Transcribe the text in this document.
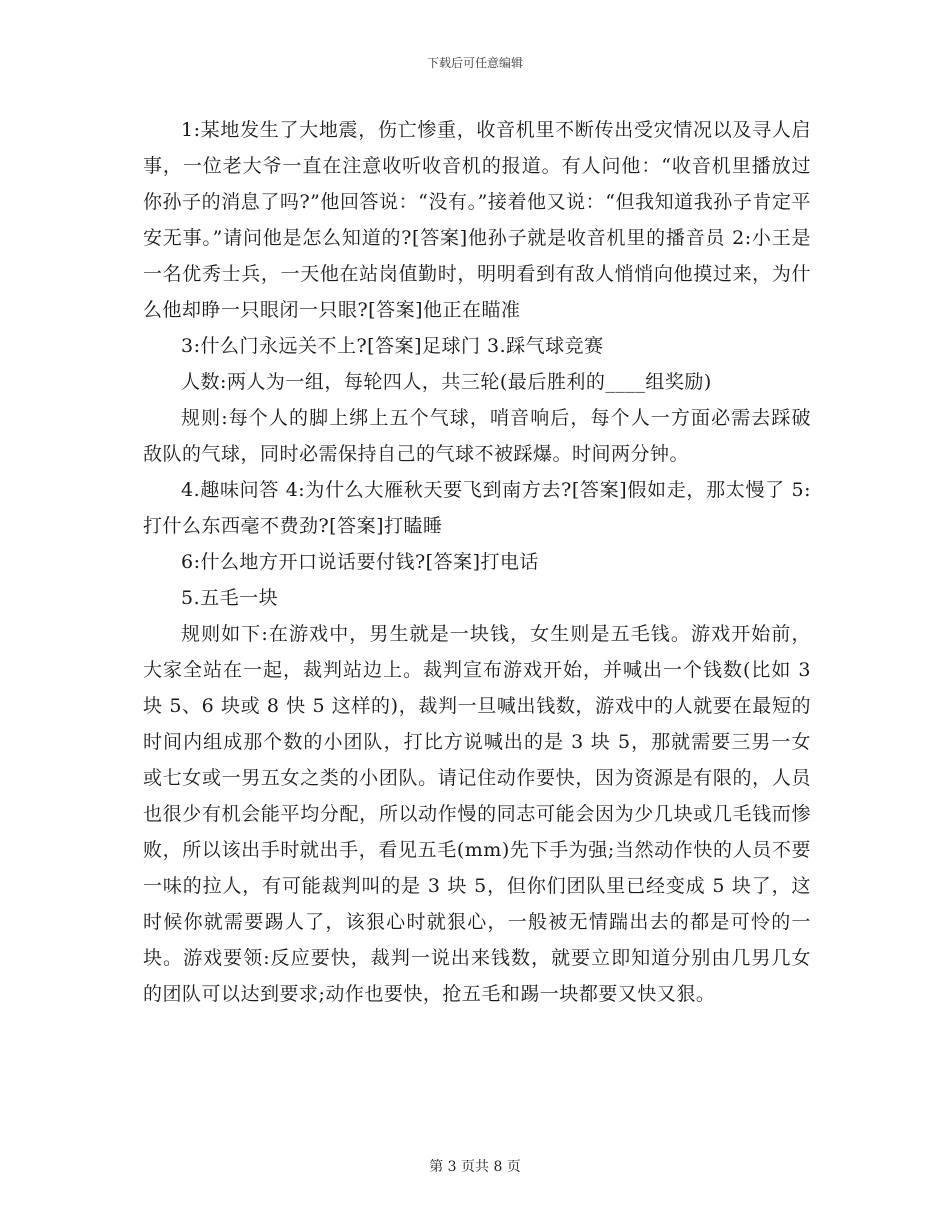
下载后可任意编辑

1:某地发生了大地震，伤亡惨重，收音机里不断传出受灾情况以及寻人启事，一位老大爷一直在注意收听收音机的报道。有人问他：“收音机里播放过你孙子的消息了吗?”他回答说：“没有。”接着他又说：“但我知道我孙子肯定平安无事。”请问他是怎么知道的?[答案]他孙子就是收音机里的播音员 2:小王是一名优秀士兵，一天他在站岗值勤时，明明看到有敌人悄悄向他摸过来，为什么他却睁一只眼闭一只眼?[答案]他正在瞄准

3:什么门永远关不上?[答案]足球门 3.踩气球竞赛

人数:两人为一组，每轮四人，共三轮(最后胜利的____组奖励)

规则:每个人的脚上绑上五个气球，哨音响后，每个人一方面必需去踩破敌队的气球，同时必需保持自己的气球不被踩爆。时间两分钟。

4.趣味问答 4:为什么大雁秋天要飞到南方去?[答案]假如走，那太慢了 5:打什么东西毫不费劲?[答案]打瞌睡

6:什么地方开口说话要付钱?[答案]打电话

5.五毛一块

规则如下:在游戏中，男生就是一块钱，女生则是五毛钱。游戏开始前，大家全站在一起，裁判站边上。裁判宣布游戏开始，并喊出一个钱数(比如 3 块 5、6 块或 8 快 5 这样的)，裁判一旦喊出钱数，游戏中的人就要在最短的时间内组成那个数的小团队，打比方说喊出的是 3 块 5，那就需要三男一女或七女或一男五女之类的小团队。请记住动作要快，因为资源是有限的，人员也很少有机会能平均分配，所以动作慢的同志可能会因为少几块或几毛钱而惨败，所以该出手时就出手，看见五毛(mm)先下手为强;当然动作快的人员不要一味的拉人，有可能裁判叫的是 3 块 5，但你们团队里已经变成 5 块了，这时候你就需要踢人了，该狠心时就狠心，一般被无情踹出去的都是可怜的一块。游戏要领:反应要快，裁判一说出来钱数，就要立即知道分别由几男几女的团队可以达到要求;动作也要快，抢五毛和踢一块都要又快又狠。

第 3 页共 8 页
